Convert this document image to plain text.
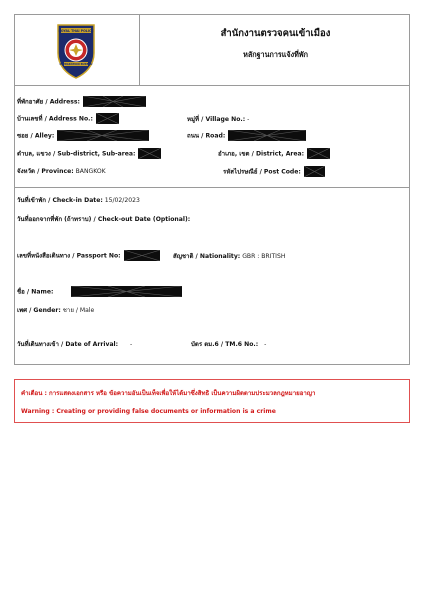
ROYAL THAI POLICE
IMMIGRATION BUREAU
สำนักงานตรวจคนเข้าเมือง
หลักฐานการแจ้งที่พัก
ที่พักอาศัย / Address:
บ้านเลขที่ / Address No.:	หมู่ที่ / Village No.: -
ซอย / Alley:	ถนน / Road:
ตำบล, แขวง / Sub-district, Sub-area:	อำเภอ, เขต / District, Area:
จังหวัด / Province: BANGKOK	รหัสไปรษณีย์ / Post Code:
วันที่เข้าพัก / Check-in Date: 15/02/2023
วันที่ออกจากที่พัก (ถ้าทราบ) / Check-out Date (Optional):
เลขที่หนังสือเดินทาง / Passport No:	สัญชาติ / Nationality: GBR : BRITISH
ชื่อ / Name:
เพศ / Gender: ชาย / Male
วันที่เดินทางเข้า / Date of Arrival: -	บัตร ตม.6 / TM.6 No.: -
คำเตือน : การแสดงเอกสาร หรือ ข้อความอันเป็นเท็จเพื่อให้ได้มาซึ่งสิทธิ เป็นความผิดตามประมวลกฎหมายอาญา
Warning : Creating or providing false documents or information is a crime
